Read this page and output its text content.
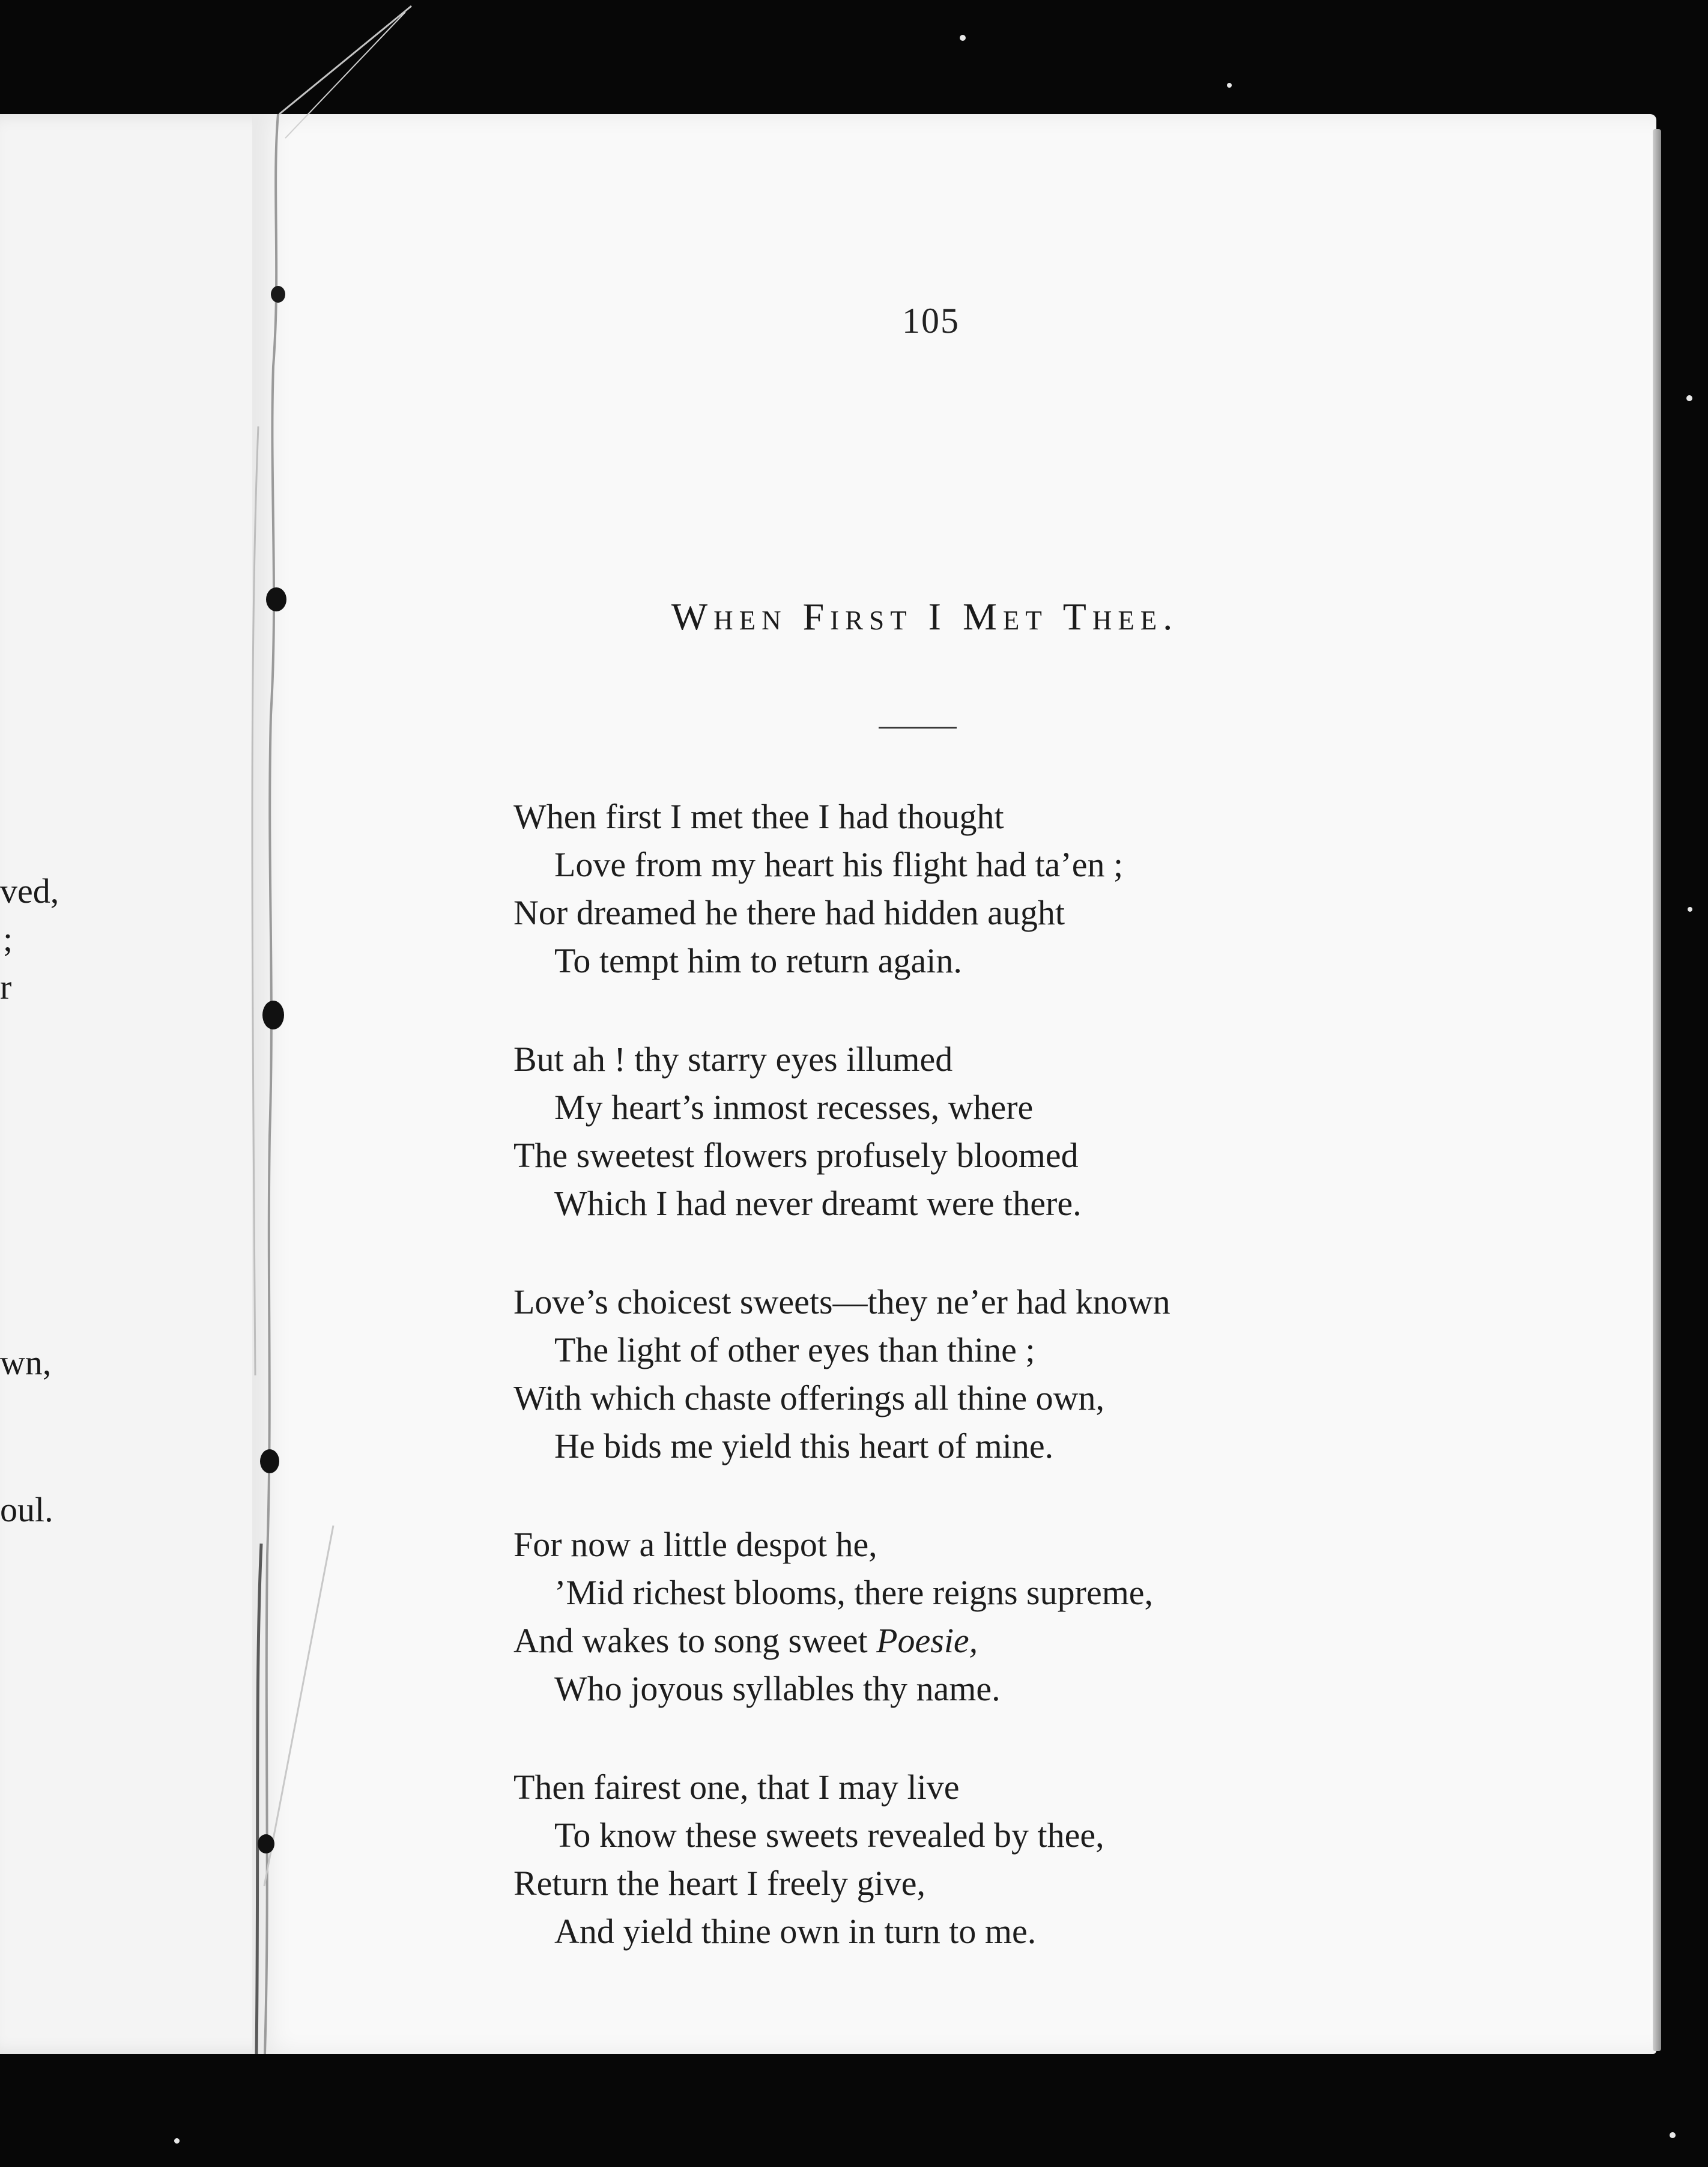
ved,
;
r
wn,
oul.
105
When First I Met Thee.
When first I met thee I had thought
Love from my heart his flight had ta’en ;
Nor dreamed he there had hidden aught
To tempt him to return again.
But ah ! thy starry eyes illumed
My heart’s inmost recesses, where
The sweetest flowers profusely bloomed
Which I had never dreamt were there.
Love’s choicest sweets—they ne’er had known
The light of other eyes than thine ;
With which chaste offerings all thine own,
He bids me yield this heart of mine.
For now a little despot he,
’Mid richest blooms, there reigns supreme,
And wakes to song sweet Poesie,
Who joyous syllables thy name.
Then fairest one, that I may live
To know these sweets revealed by thee,
Return the heart I freely give,
And yield thine own in turn to me.
